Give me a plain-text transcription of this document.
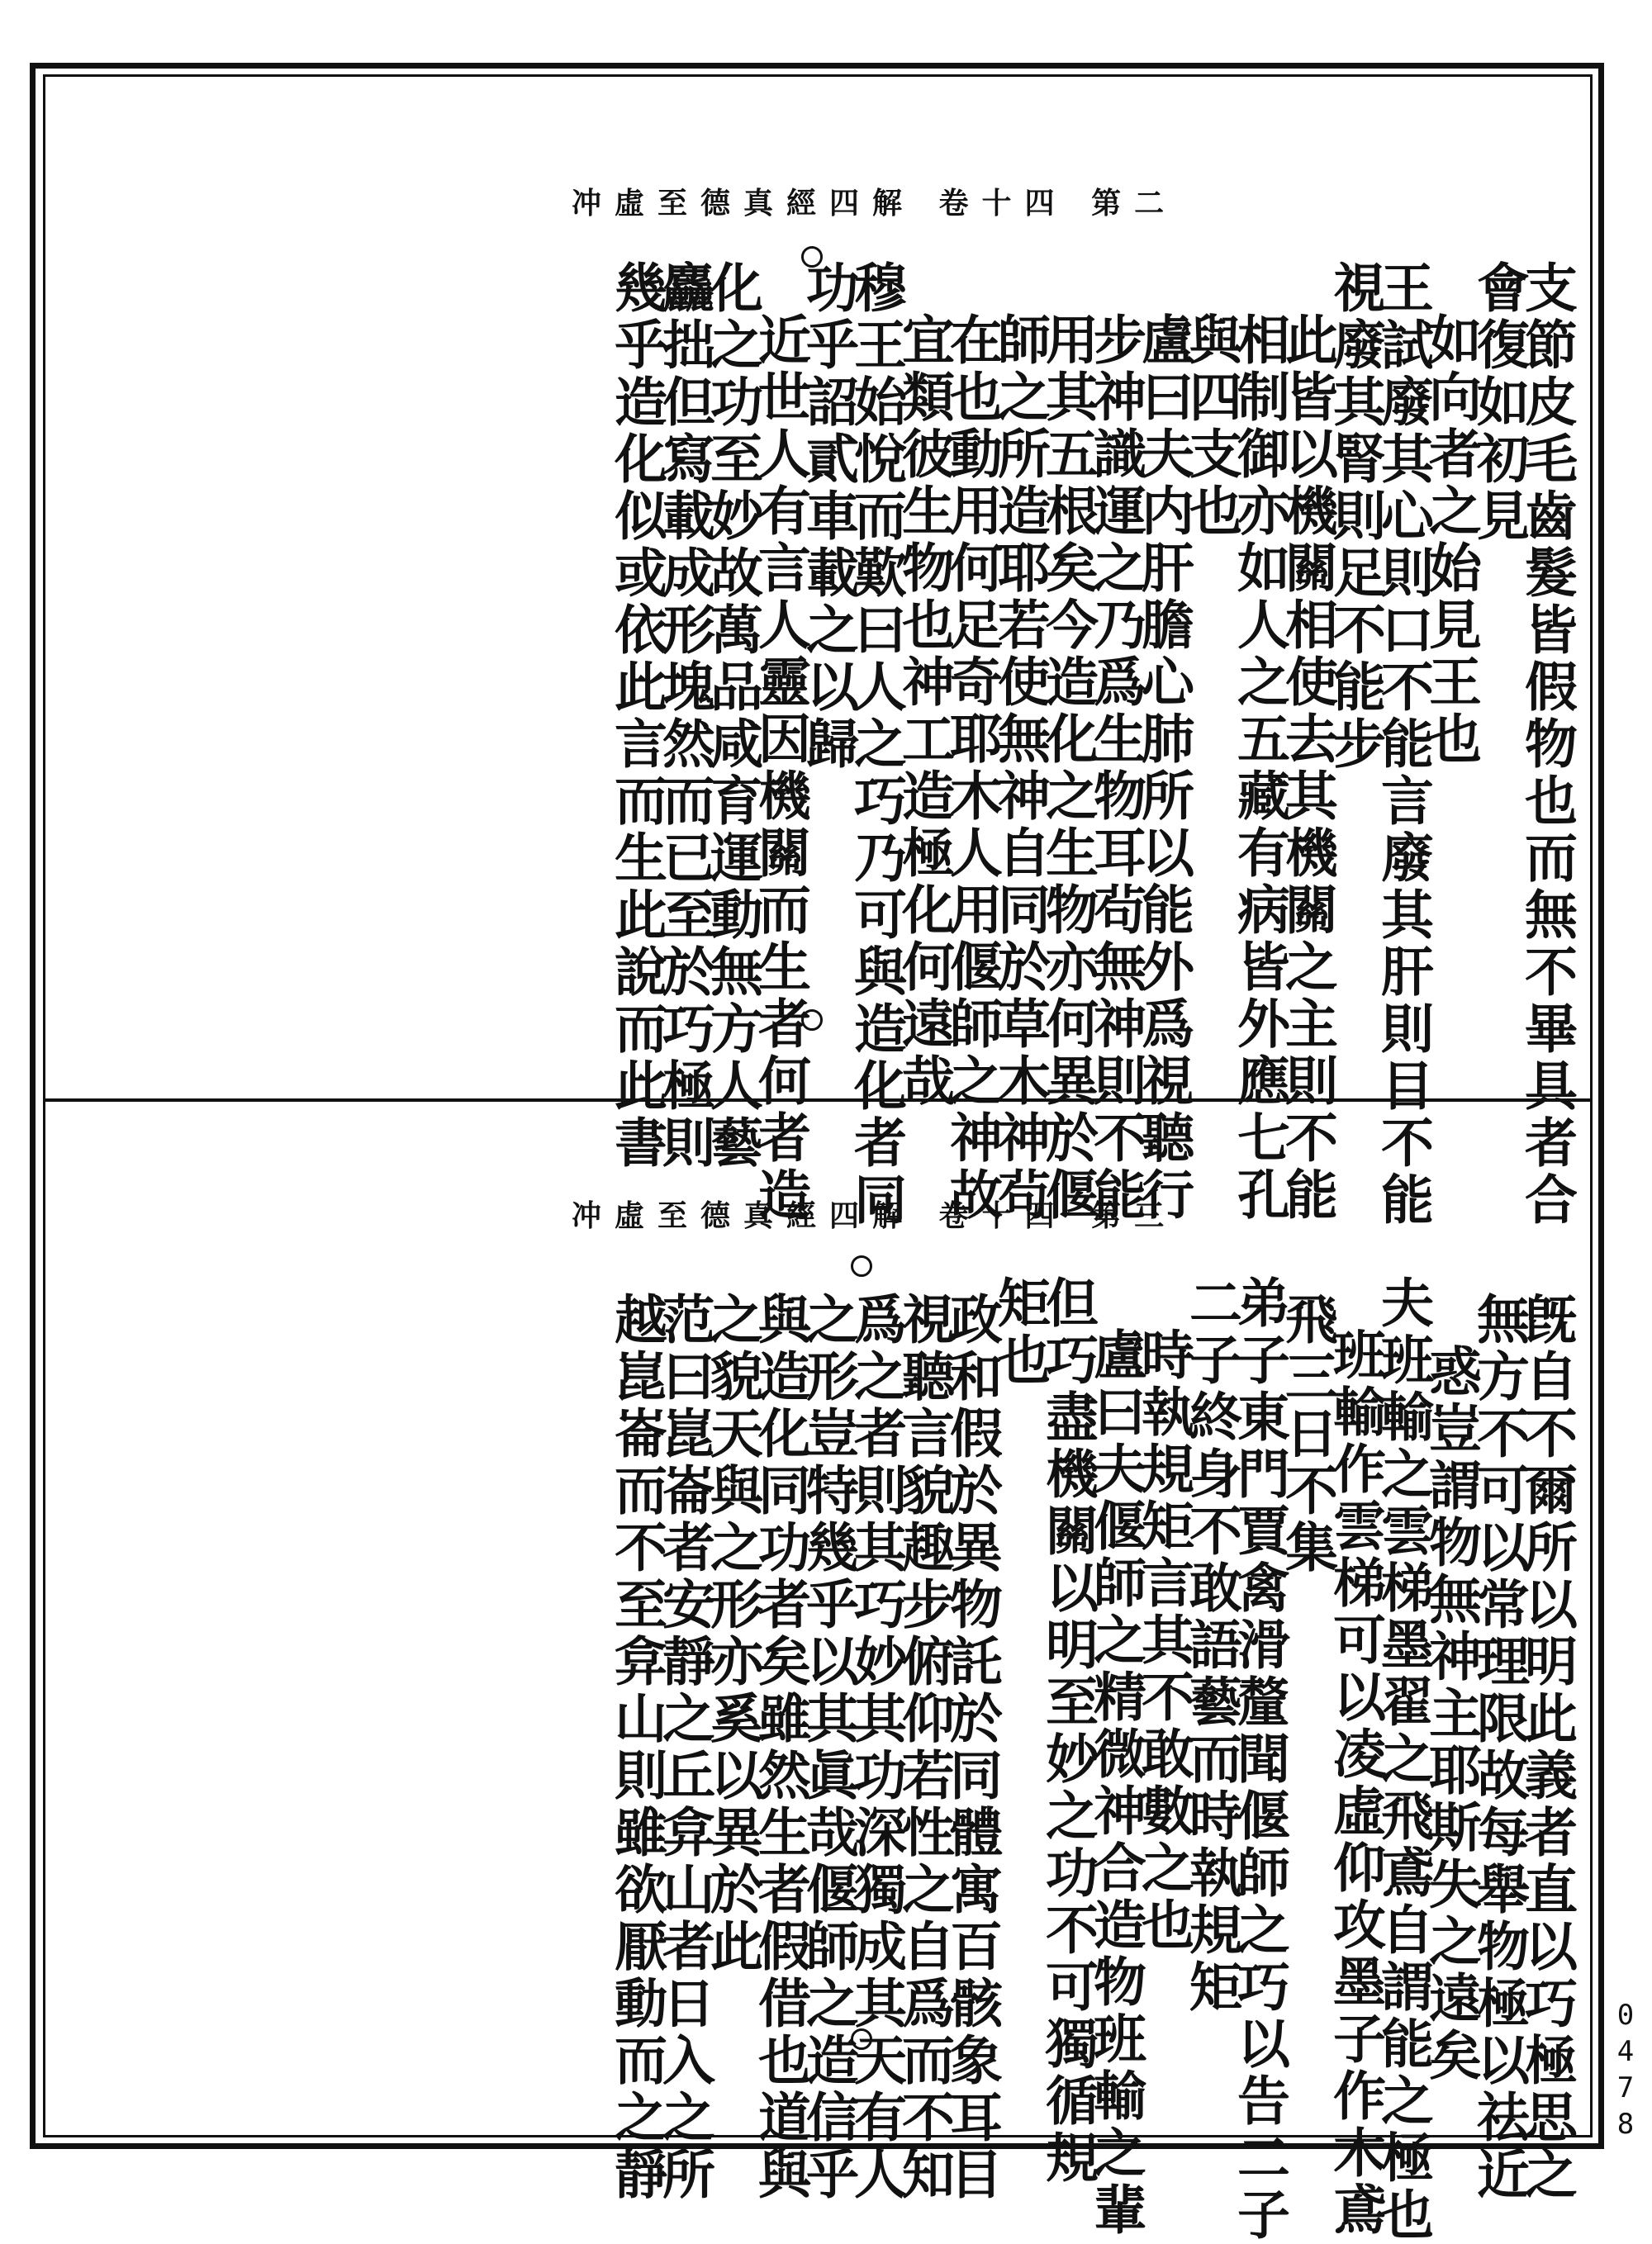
冲虛至德真經四解 卷十四 第二
支節皮毛齒髮皆假物也而無不畢具者合
會復如初見
如向者之始見王也
王試廢其心則口不能言廢其肝則目不能
視廢其腎則足不能步
此皆以機關相使去其機關之主則不能
相制御亦如人之五藏有病皆外應七孔
與四支也
盧曰夫内肝膽心肺所以能外爲視聽行
步神識運之乃爲生物耳茍無神則不能
用其五根矣今造化之生物亦何異於偃
師之所造耶若使無神自同於草木神茍
在也動用何足奇耶木人用偃師之神故
宜類彼生物也神工造極化何遠哉
穆王始悅而歎曰人之巧乃可與造化者同
功乎詔貳車載之以歸
近世人有言人靈因機關而生者何者造
化之功至妙故萬品咸育運動無方人藝
麤拙但寫載成形塊然而已至於巧極則
幾乎造化似或依此言而生此說而此書
冲虛至德真經四解 卷十四 第三
旣自不爾所以明此義者直以巧極思之
無方不可以常理限故每舉物極以祛近
惑豈謂物無神主耶斯失之遠矣
夫班輸之雲梯墨翟之飛鳶自謂能之極也
班輸作雲梯可以凌虛仰攻墨子作木鳶
飛三日不集
弟子東門賈禽滑釐聞偃師之巧以告二子
二子終身不敢語藝而時執規矩
時執規矩言其不敢數之也
盧曰夫偃師之精微神合造物班輸之輩
但巧盡機關以明至妙之功不可獨循規
矩也
政和假於異物託於同體寓百骸象耳目
視聽言貌趣步俯仰若性之自爲而不知
爲之者則其巧妙其功深獨成其天有人
之形豈特幾乎以其眞哉偃師之造信乎
與造化同功者矣雖然生者假借也道與
之貌天與之形亦奚以異於此
范曰崑崙者安靜之丘弇山者日入之所
越崑崙而不至弇山則雖欲厭動而之靜	0478
